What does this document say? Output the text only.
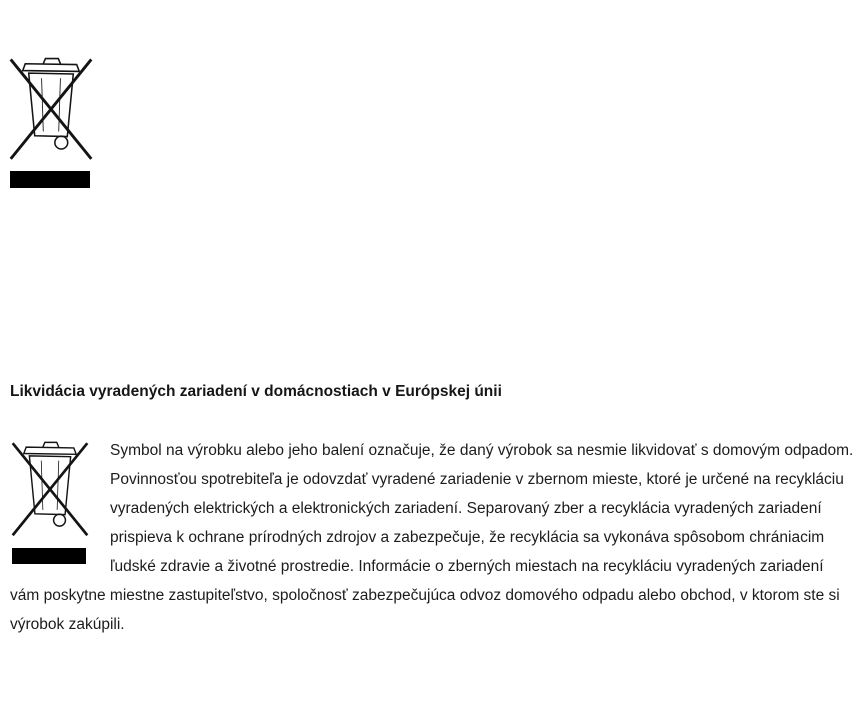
Likvidácia vyradených zariadení v domácnostiach v Európskej únii
Symbol na výrobku alebo jeho balení označuje, že daný výrobok sa nesmie likvidovať s domovým odpadom. Povinnosťou spotrebiteľa je odovzdať vyradené zariadenie v zbernom mieste, ktoré je určené na recykláciu vyradených elektrických a elektronických zariadení. Separovaný zber a recyklácia vyradených zariadení prispieva k ochrane prírodných zdrojov a zabezpečuje, že recyklácia sa vykonáva spôsobom chrániacim ľudské zdravie a životné prostredie. Informácie o zberných miestach na recykláciu vyradených zariadení vám poskytne miestne zastupiteľstvo, spoločnosť zabezpečujúca odvoz domového odpadu alebo obchod, v ktorom ste si výrobok zakúpili.
